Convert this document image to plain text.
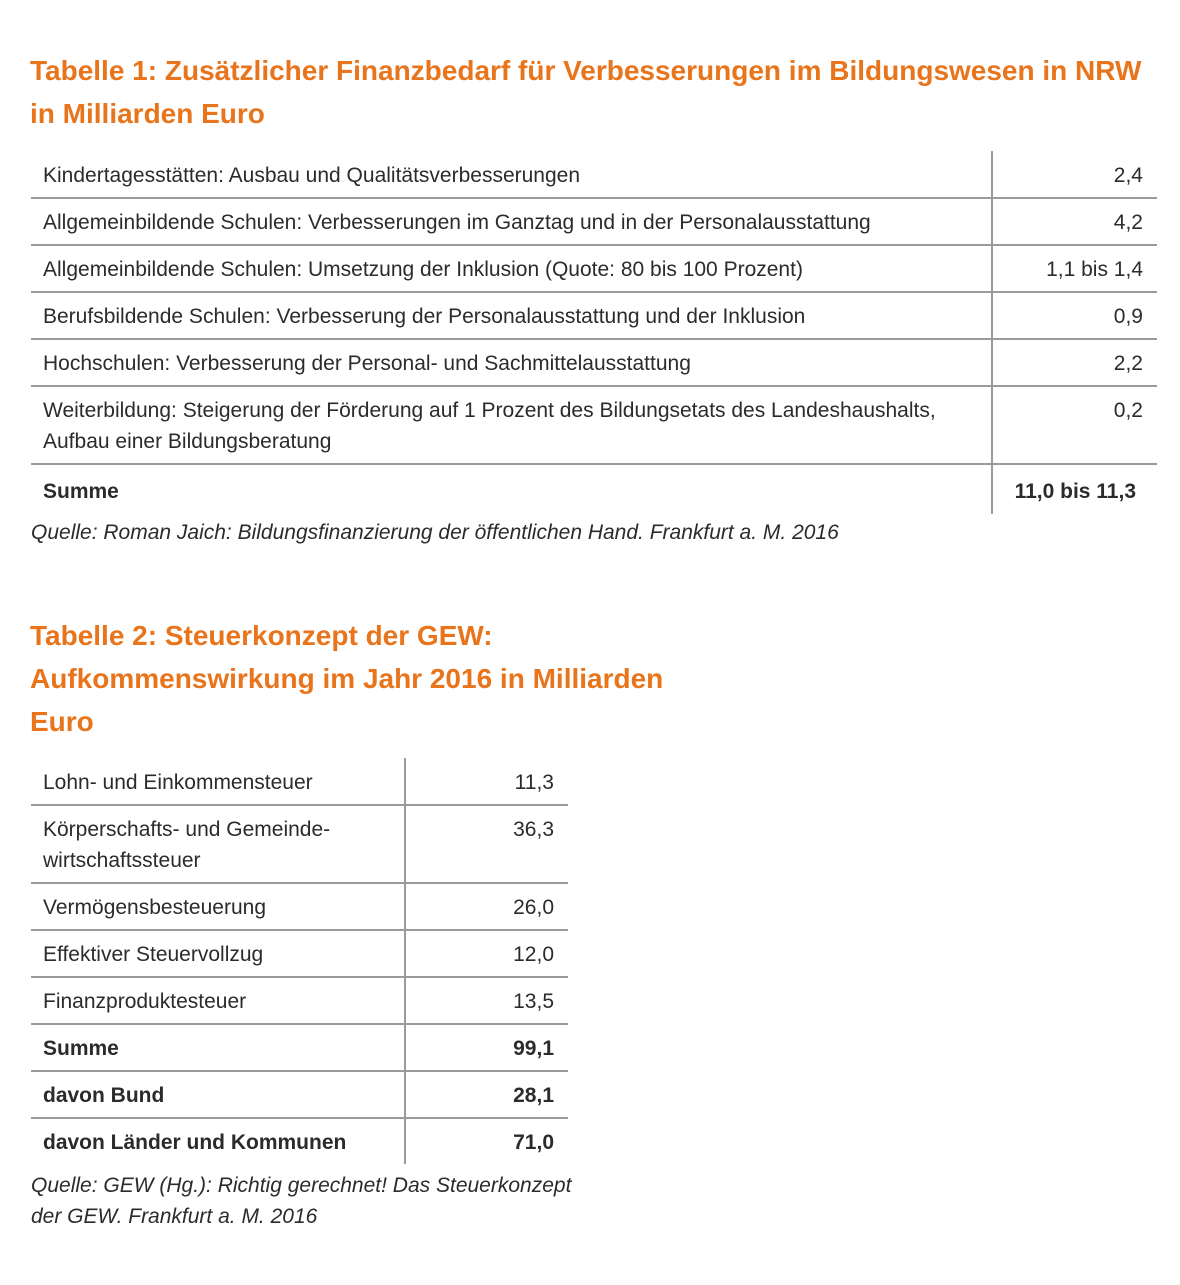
Tabelle 1: Zusätzlicher Finanzbedarf für Verbesserungen im Bildungswesen in NRW in Milliarden Euro
Kindertagesstätten: Ausbau und Qualitätsverbesserungen	2,4
Allgemeinbildende Schulen: Verbesserungen im Ganztag und in der Personalausstattung	4,2
Allgemeinbildende Schulen: Umsetzung der Inklusion (Quote: 80 bis 100 Prozent)	1,1 bis 1,4
Berufsbildende Schulen: Verbesserung der Personalausstattung und der Inklusion	0,9
Hochschulen: Verbesserung der Personal- und Sachmittelausstattung	2,2
Weiterbildung: Steigerung der Förderung auf 1 Prozent des Bildungsetats des Landeshaushalts, Aufbau einer Bildungsberatung	0,2
Summe	11,0 bis 11,3

Quelle: Roman Jaich: Bildungsfinanzierung der öffentlichen Hand. Frankfurt a. M. 2016

Tabelle 2: Steuerkonzept der GEW: Aufkommenswirkung im Jahr 2016 in Milliarden Euro
Lohn- und Einkommensteuer	11,3
Körperschafts- und Gemeinde-wirtschaftssteuer	36,3
Vermögensbesteuerung	26,0
Effektiver Steuervollzug	12,0
Finanzproduktesteuer	13,5
Summe	99,1
davon Bund	28,1
davon Länder und Kommunen	71,0

Quelle: GEW (Hg.): Richtig gerechnet! Das Steuerkonzept der GEW. Frankfurt a. M. 2016
